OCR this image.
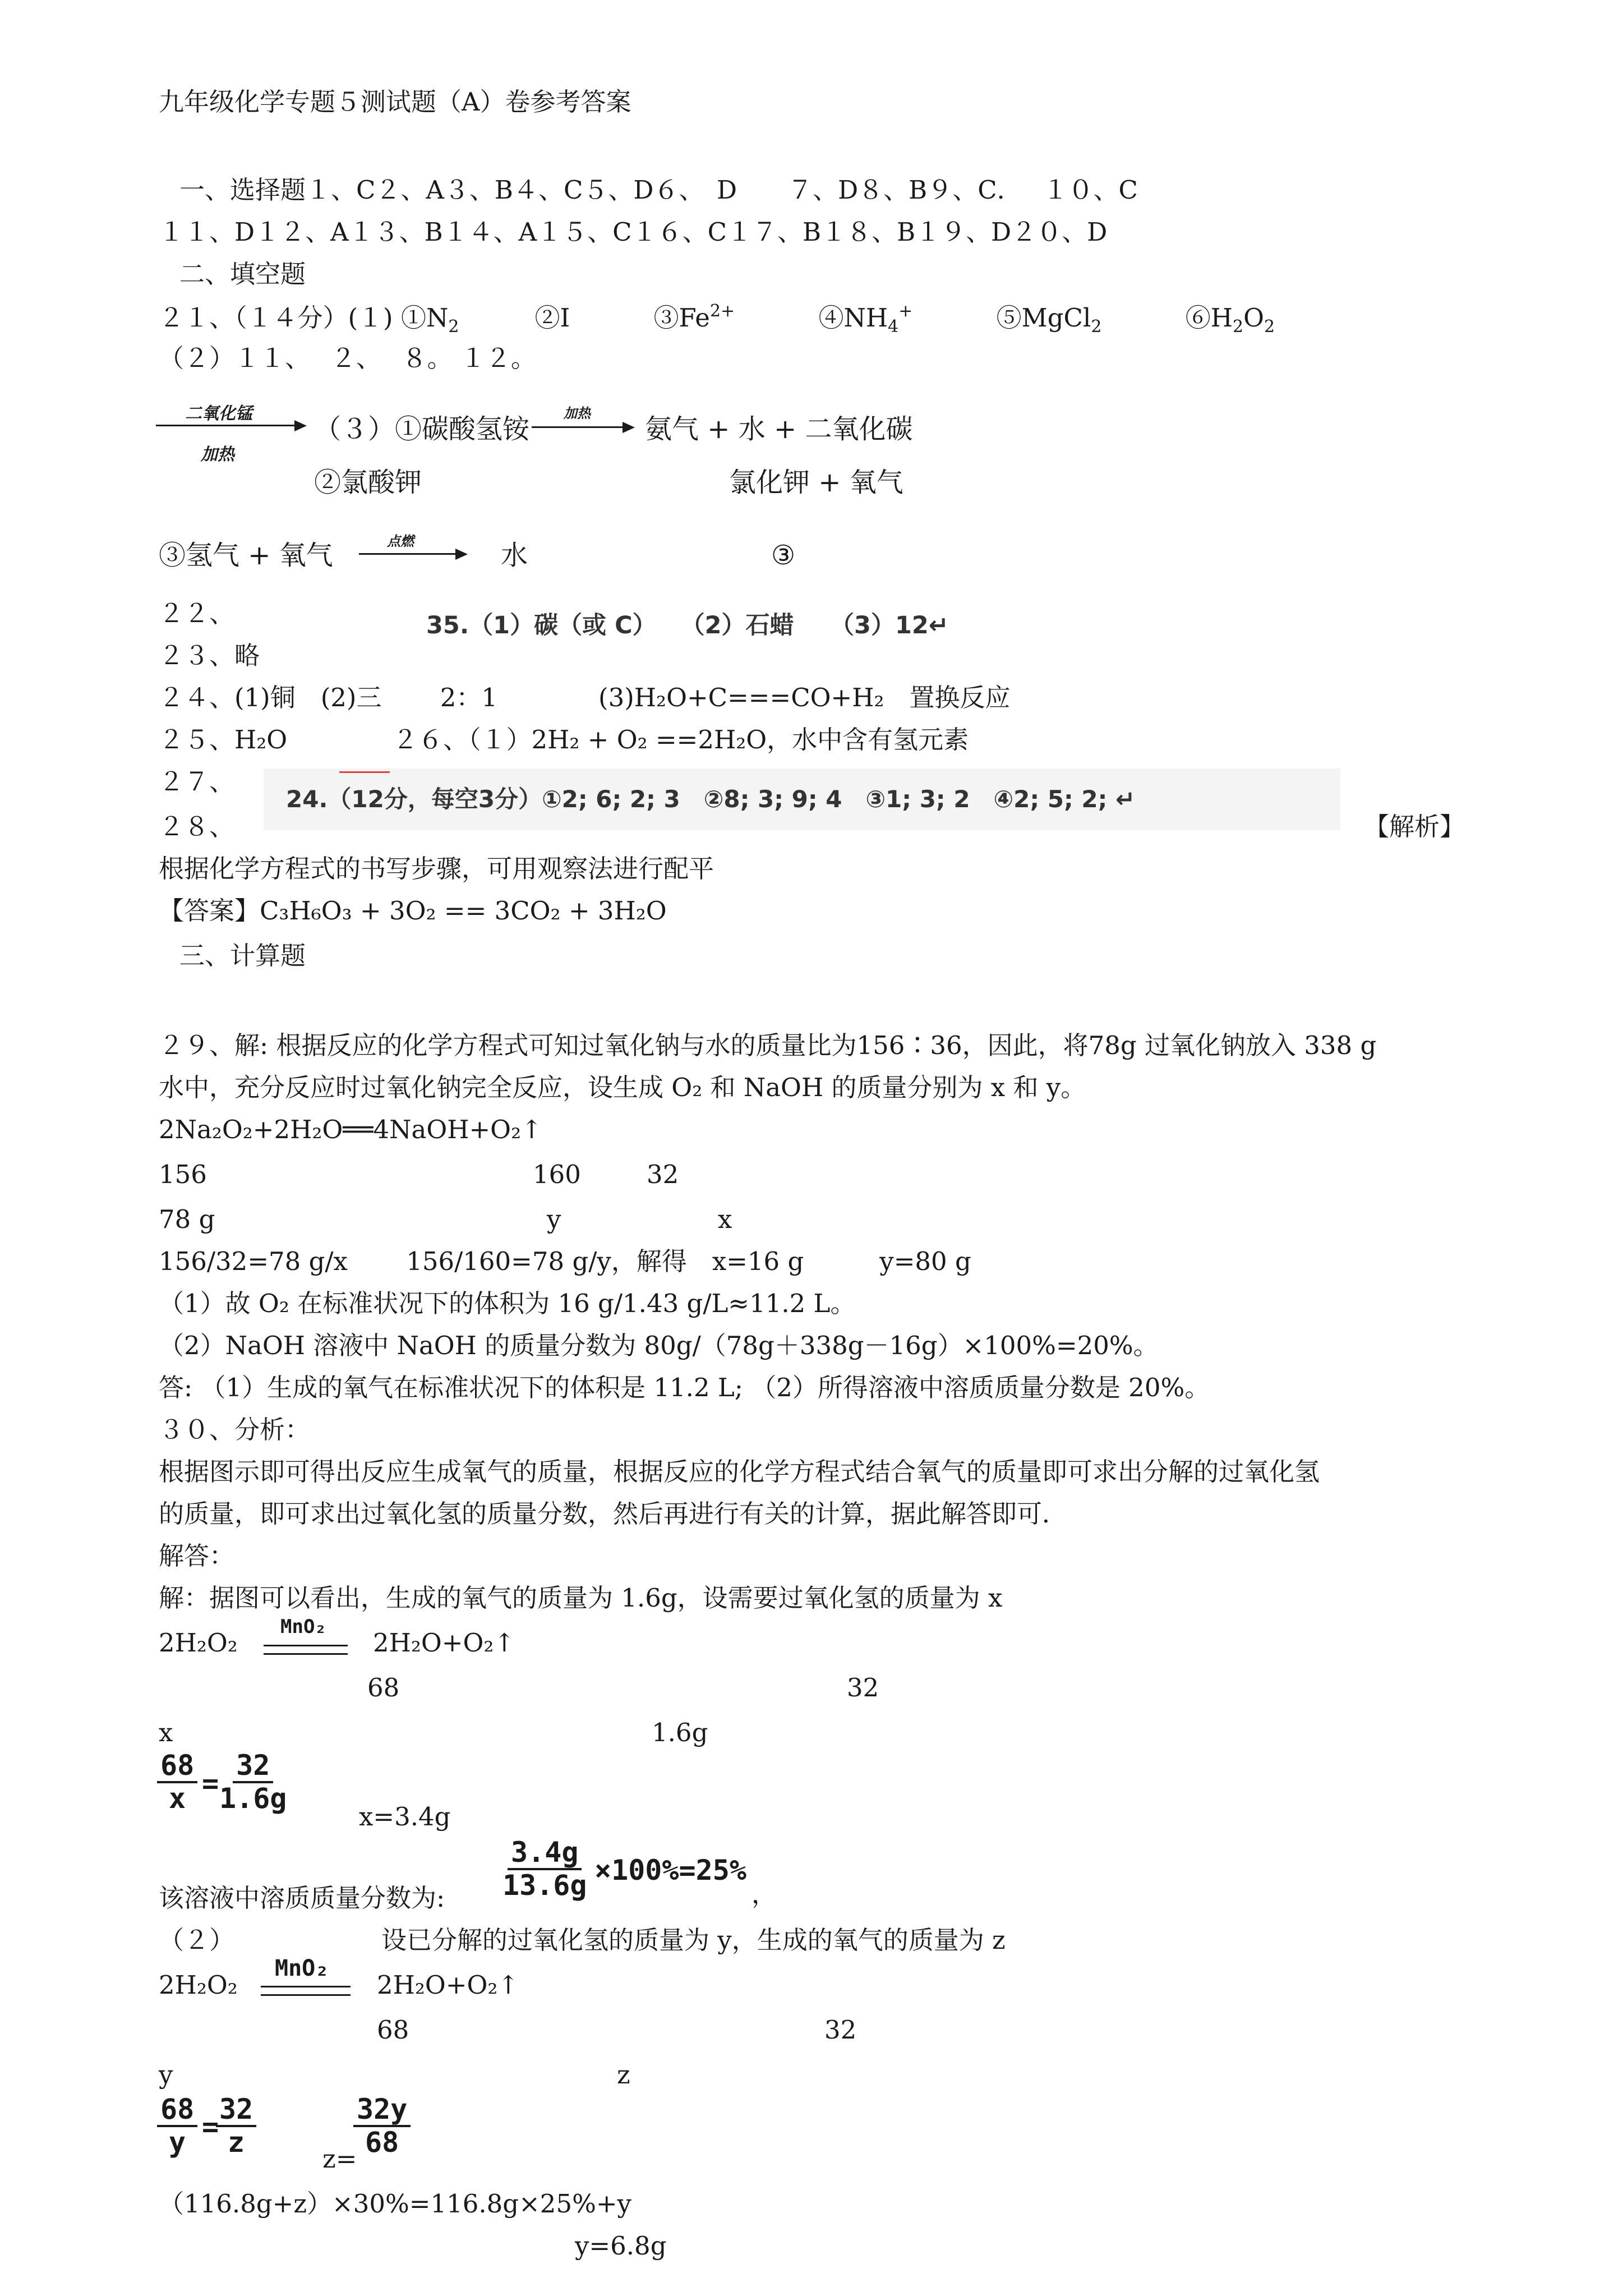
九年级化学专题５测试题（A）卷参考答案
一、选择题１、C２、A３、B４、C５、D６、　D　　７、D８、B９、C．　 １０、C
１１、D１２、A１３、B１４、A１５、C１６、C１７、B１８、B１９、D２０、D
二、填空题
２１、（１４分）(１) $①N_2$　　　	②I　　　	$③Fe^{2+}$　　　	$④NH_4^+$　　　	⑤MgCl$_2$　　　	$⑥H_2O_2$
（２）１１、　 ２、　 ８。 １２。
二氧化锰
加热
（３）①碳酸氢铵	加热 氨气 + 水 + 二氧化碳
②氯酸钾	氯化钾 + 氧气
③氢气 + 氧气	点燃	水	③
２２、	35.（1）碳（或 C）　　（2）石蜡　　（3）12↵
２３、略
２４、(1)铜　(2)三　　 2：1　　　　(3)H₂O+C===CO+H₂　置换反应
２５、H₂O	２６、（１）2H₂ + O₂ ==2H₂O，水中含有氢元素
２７、
24.（12分，每空3分）①2; 6; 2; 3　②8; 3; 9; 4　③1; 3; 2　④2; 5; 2; ↵
２８、	【解析】
根据化学方程式的书写步骤，可用观察法进行配平
【答案】C₃H₆O₃ + 3O₂ == 3CO₂ + 3H₂O
三、计算题
２９、解: 根据反应的化学方程式可知过氧化钠与水的质量比为156∶36，因此，将78g 过氧化钠放入 338 g
水中，充分反应时过氧化钠完全反应，设生成 O₂ 和 NaOH 的质量分别为 x 和 y。
2Na₂O₂+2H₂O══4NaOH+O₂↑
156	160	32
78 g	y	x
156/32=78 g/x　　 156/160=78 g/y，解得　x=16 g　　　y=80 g
（1）故 O₂ 在标准状况下的体积为 16 g/1.43 g/L≈11.2 L。
（2）NaOH 溶液中 NaOH 的质量分数为 80g/（78g＋338g－16g）×100%=20%。
答: （1）生成的氧气在标准状况下的体积是 11.2 L; （2）所得溶液中溶质质量分数是 20%。
３０、分析：
根据图示即可得出反应生成氧气的质量，根据反应的化学方程式结合氧气的质量即可求出分解的过氧化氢
的质量，即可求出过氧化氢的质量分数，然后再进行有关的计算，据此解答即可．
解答：
解：据图可以看出，生成的氧气的质量为 1.6g，设需要过氧化氢的质量为 x
2H₂O₂
MnO₂
2H₂O+O₂↑
68	32
x	1.6g
$\frac{68}{x}$ =
$\frac{32}{1.6g}$
x=3.4g
该溶液中溶质质量分数为: $\frac{3.4g}{13.6g} \times 100\%=25\%$
，
（２）	设已分解的过氧化氢的质量为 y，生成的氧气的质量为 z
2H₂O₂
MnO₂
2H₂O+O₂↑
68	32
y	z
$\frac{68}{y}$ =
$\frac{32}{z}$
z=
$\frac{32y}{68}$
（116.8g+z）×30%=116.8g×25%+y
y=6.8g
